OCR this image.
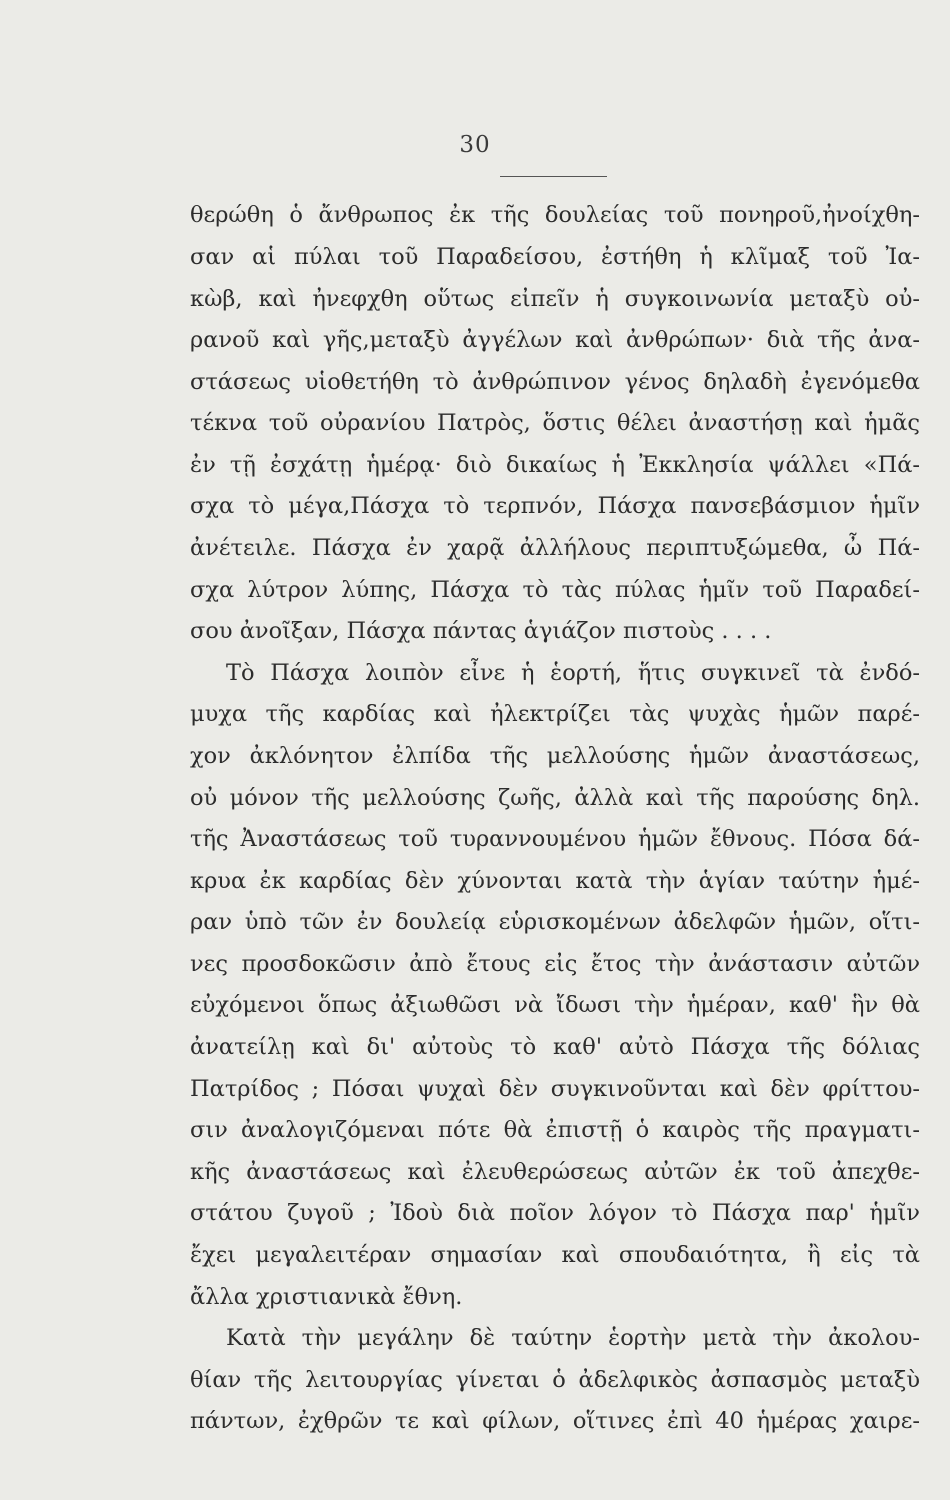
30
θερώθη ὁ ἄνθρωπος ἐκ τῆς δουλείας τοῦ πονηροῦ,ἠνοίχθη-
σαν αἱ πύλαι τοῦ Παραδείσου, ἐστήθη ἡ κλῖμαξ τοῦ Ἰα-
κὼβ, καὶ ἠνεφχθη οὕτως εἰπεῖν ἡ συγκοινωνία μεταξὺ οὐ-
ρανοῦ καὶ γῆς,μεταξὺ ἀγγέλων καὶ ἀνθρώπων· διὰ τῆς ἀνα-
στάσεως υἱοθετήθη τὸ ἀνθρώπινον γένος δηλαδὴ ἐγενόμεθα
τέκνα τοῦ οὐρανίου Πατρὸς, ὅστις θέλει ἀναστήσῃ καὶ ἡμᾶς
ἐν τῇ ἐσχάτῃ ἡμέρᾳ· διὸ δικαίως ἡ Ἐκκλησία ψάλλει «Πά-
σχα τὸ μέγα,Πάσχα τὸ τερπνόν, Πάσχα πανσεβάσμιον ἡμῖν
ἀνέτειλε. Πάσχα ἐν χαρᾷ ἀλλήλους περιπτυξώμεθα, ὦ Πά-
σχα λύτρον λύπης, Πάσχα τὸ τὰς πύλας ἡμῖν τοῦ Παραδεί-
σου ἀνοῖξαν, Πάσχα πάντας ἁγιάζον πιστοὺς . . . .
Τὸ Πάσχα λοιπὸν εἶνε ἡ ἑορτή, ἥτις συγκινεῖ τὰ ἐνδό-
μυχα τῆς καρδίας καὶ ἠλεκτρίζει τὰς ψυχὰς ἡμῶν παρέ-
χον ἀκλόνητον ἐλπίδα τῆς μελλούσης ἡμῶν ἀναστάσεως,
οὐ μόνον τῆς μελλούσης ζωῆς, ἀλλὰ καὶ τῆς παρούσης δηλ.
τῆς Ἀναστάσεως τοῦ τυραννουμένου ἡμῶν ἔθνους. Πόσα δά-
κρυα ἐκ καρδίας δὲν χύνονται κατὰ τὴν ἁγίαν ταύτην ἡμέ-
ραν ὑπὸ τῶν ἐν δουλείᾳ εὑρισκομένων ἀδελφῶν ἡμῶν, οἵτι-
νες προσδοκῶσιν ἀπὸ ἔτους εἰς ἔτος τὴν ἀνάστασιν αὐτῶν
εὐχόμενοι ὅπως ἀξιωθῶσι νὰ ἴδωσι τὴν ἡμέραν, καθ' ἣν θὰ
ἀνατείλῃ καὶ δι' αὐτοὺς τὸ καθ' αὐτὸ Πάσχα τῆς δόλιας
Πατρίδος ; Πόσαι ψυχαὶ δὲν συγκινοῦνται καὶ δὲν φρίττου-
σιν ἀναλογιζόμεναι πότε θὰ ἐπιστῇ ὁ καιρὸς τῆς πραγματι-
κῆς ἀναστάσεως καὶ ἐλευθερώσεως αὐτῶν ἐκ τοῦ ἀπεχθε-
στάτου ζυγοῦ ; Ἰδοὺ διὰ ποῖον λόγον τὸ Πάσχα παρ' ἡμῖν
ἔχει μεγαλειτέραν σημασίαν καὶ σπουδαιότητα, ἢ εἰς τὰ
ἄλλα χριστιανικὰ ἔθνη.
Κατὰ τὴν μεγάλην δὲ ταύτην ἑορτὴν μετὰ τὴν ἀκολου-
θίαν τῆς λειτουργίας γίνεται ὁ ἀδελφικὸς ἀσπασμὸς μεταξὺ
πάντων, ἐχθρῶν τε καὶ φίλων, οἵτινες ἐπὶ 40 ἡμέρας χαιρε-
